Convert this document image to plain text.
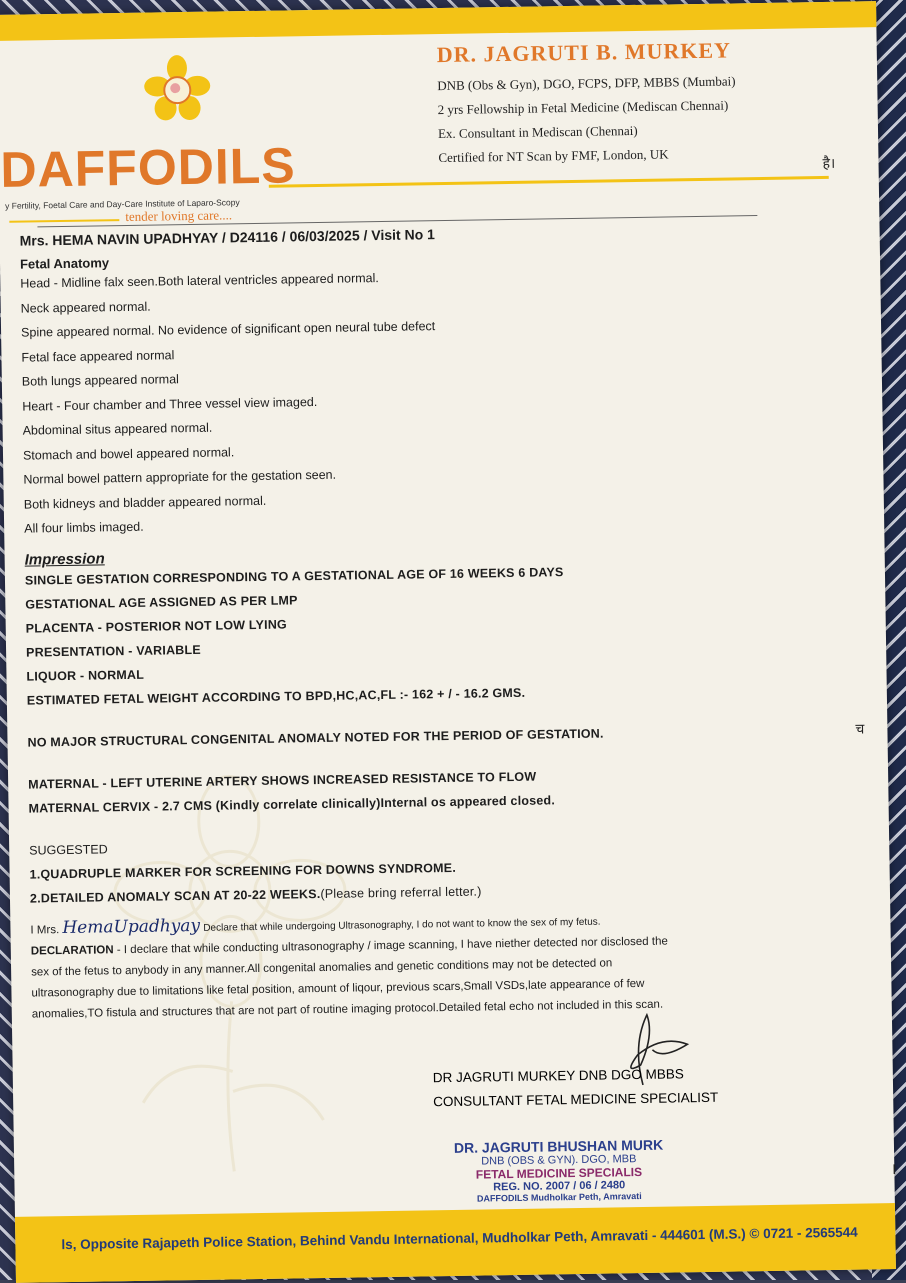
DAFFODILS
y Fertility, Foetal Care and Day-Care Institute of Laparo-Scopy
tender loving care....
DR. JAGRUTI B. MURKEY
DNB (Obs & Gyn), DGO, FCPS, DFP, MBBS (Mumbai)
2 yrs Fellowship in Fetal Medicine (Mediscan Chennai)
Ex. Consultant in Mediscan (Chennai)
Certified for NT Scan by FMF, London, UK	है।
च
I
Mrs. HEMA NAVIN UPADHYAY / D24116 / 06/03/2025 / Visit No 1
Fetal Anatomy
Head - Midline falx seen.Both lateral ventricles appeared normal.
Neck appeared normal.
Spine appeared normal. No evidence of significant open neural tube defect
Fetal face appeared normal
Both lungs appeared normal
Heart - Four chamber and Three vessel view imaged.
Abdominal situs appeared normal.
Stomach and bowel appeared normal.
Normal bowel pattern appropriate for the gestation seen.
Both kidneys and bladder appeared normal.
All four limbs imaged.
Impression
SINGLE GESTATION CORRESPONDING TO A GESTATIONAL AGE OF 16 WEEKS 6 DAYS
GESTATIONAL AGE ASSIGNED AS PER LMP
PLACENTA - POSTERIOR NOT LOW LYING
PRESENTATION - VARIABLE
LIQUOR - NORMAL
ESTIMATED FETAL WEIGHT ACCORDING TO BPD,HC,AC,FL :- 162 + / - 16.2 GMS.
NO MAJOR STRUCTURAL CONGENITAL ANOMALY NOTED FOR THE PERIOD OF GESTATION.
MATERNAL - LEFT UTERINE ARTERY SHOWS INCREASED RESISTANCE TO FLOW
MATERNAL CERVIX - 2.7 CMS (Kindly correlate clinically)Internal os appeared closed.
SUGGESTED
1.QUADRUPLE MARKER FOR SCREENING FOR DOWNS SYNDROME.
2.DETAILED ANOMALY SCAN AT 20-22 WEEKS.(Please bring referral letter.)
I Mrs. HemaUpadhyay Declare that while undergoing Ultrasonography, I do not want to know the sex of my fetus.
DECLARATION - I declare that while conducting ultrasonography / image scanning, I have niether detected nor disclosed the
sex of the fetus to anybody in any manner.All congenital anomalies and genetic conditions may not be detected on
ultrasonography due to limitations like fetal position, amount of liqour, previous scars,Small VSDs,late appearance of few
anomalies,TO fistula and structures that are not part of routine imaging protocol.Detailed fetal echo not included in this scan.
DR JAGRUTI MURKEY DNB DGO MBBS
CONSULTANT FETAL MEDICINE SPECIALIST
DR. JAGRUTI BHUSHAN MURK
DNB (OBS & GYN). DGO, MBB
FETAL MEDICINE SPECIALIS
REG. NO. 2007 / 06 / 2480
DAFFODILS Mudholkar Peth, Amravati
ls, Opposite Rajapeth Police Station, Behind Vandu International, Mudholkar Peth, Amravati - 444601 (M.S.) © 0721 - 2565544
